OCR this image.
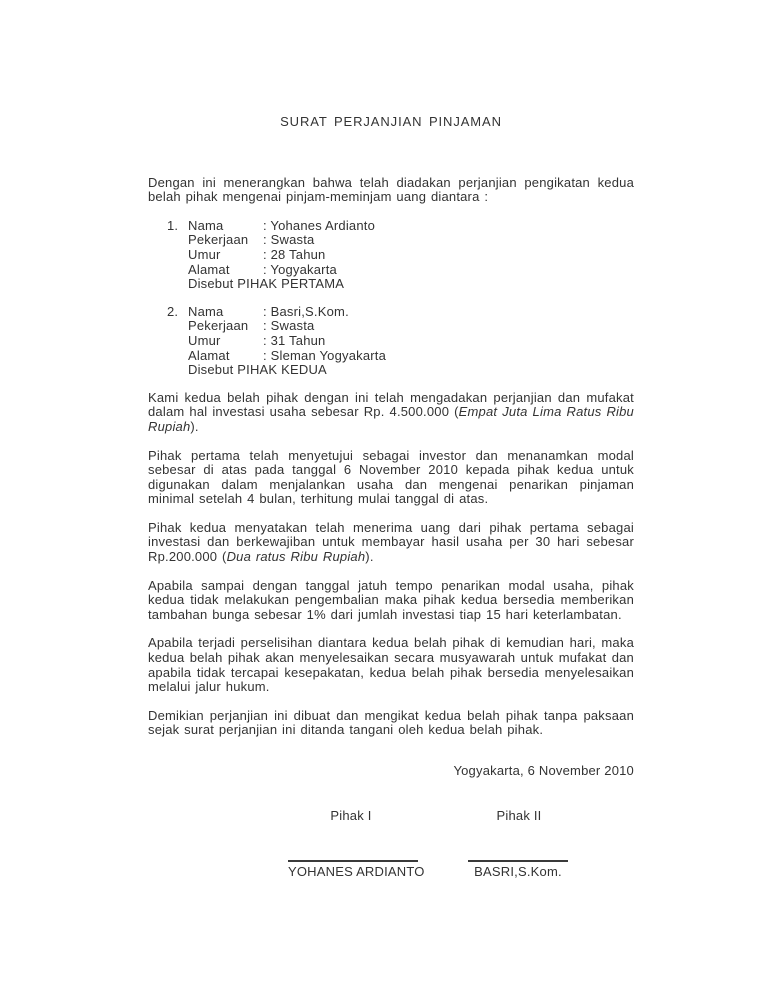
SURAT PERJANJIAN PINJAMAN

Dengan ini menerangkan bahwa telah diadakan perjanjian pengikatan kedua belah pihak mengenai pinjam-meminjam uang diantara :

1. Nama	: Yohanes Ardianto
Pekerjaan : Swasta
Umur	: 28 Tahun
Alamat	: Yogyakarta
Disebut PIHAK PERTAMA
2. Nama	: Basri,S.Kom.
Pekerjaan : Swasta
Umur	: 31 Tahun
Alamat	: Sleman Yogyakarta
Disebut PIHAK KEDUA

Kami kedua belah pihak dengan ini telah mengadakan perjanjian dan mufakat dalam hal investasi usaha sebesar Rp. 4.500.000 (Empat Juta Lima Ratus Ribu Rupiah).

Pihak pertama telah menyetujui sebagai investor dan menanamkan modal sebesar di atas pada tanggal 6 November 2010 kepada pihak kedua untuk digunakan dalam menjalankan usaha dan mengenai penarikan pinjaman minimal setelah 4 bulan, terhitung mulai tanggal di atas.

Pihak kedua menyatakan telah menerima uang dari pihak pertama sebagai investasi dan berkewajiban untuk membayar hasil usaha per 30 hari sebesar Rp.200.000 (Dua ratus Ribu Rupiah).

Apabila sampai dengan tanggal jatuh tempo penarikan modal usaha, pihak kedua tidak melakukan pengembalian maka pihak kedua bersedia memberikan tambahan bunga sebesar 1% dari jumlah investasi tiap 15 hari keterlambatan.

Apabila terjadi perselisihan diantara kedua belah pihak di kemudian hari, maka kedua belah pihak akan menyelesaikan secara musyawarah untuk mufakat dan apabila tidak tercapai kesepakatan, kedua belah pihak bersedia menyelesaikan melalui jalur hukum.

Demikian perjanjian ini dibuat dan mengikat kedua belah pihak tanpa paksaan sejak surat perjanjian ini ditanda tangani oleh kedua belah pihak.

Yogyakarta, 6 November 2010
Pihak I	Pihak II
YOHANES ARDIANTO	BASRI,S.Kom.
